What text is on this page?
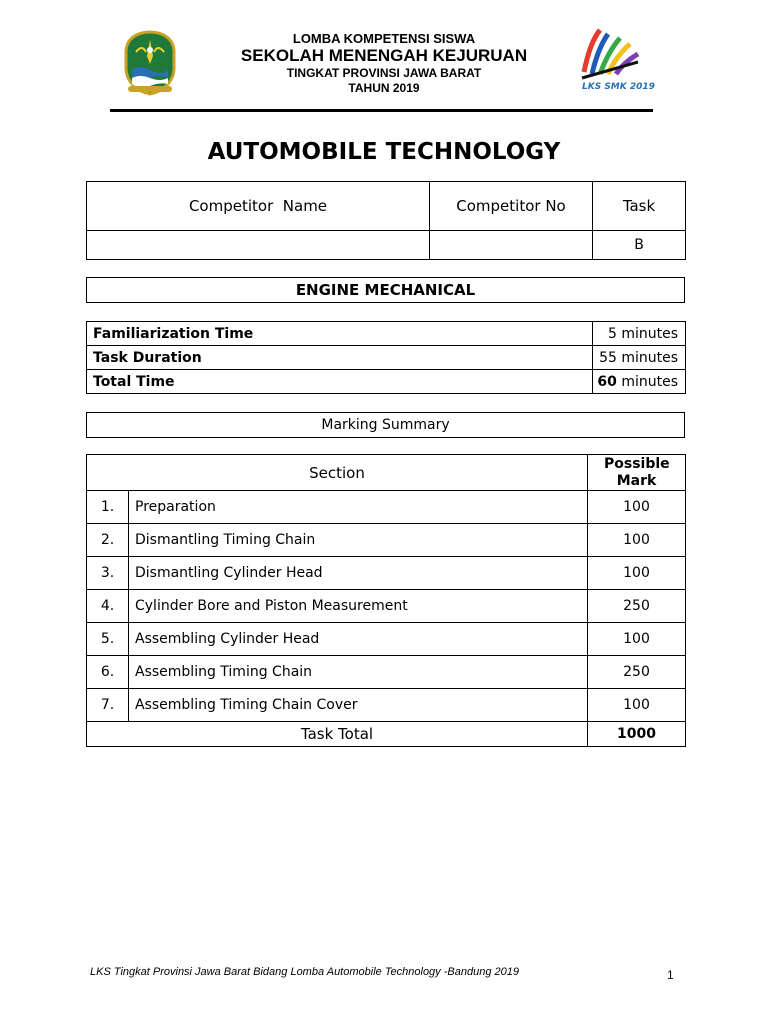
LOMBA KOMPETENSI SISWA
SEKOLAH MENENGAH KEJURUAN
TINGKAT PROVINSI JAWA BARAT
TAHUN 2019	LKS SMK 2019
AUTOMOBILE TECHNOLOGY
Competitor  Name	Competitor No	Task
		B
ENGINE MECHANICAL
Familiarization Time	5 minutes
Task Duration	55 minutes
Total Time	60 minutes
Marking Summary
Section		Possible Mark
1.	Preparation	100
2.	Dismantling Timing Chain	100
3.	Dismantling Cylinder Head	100
4.	Cylinder Bore and Piston Measurement	250
5.	Assembling Cylinder Head	100
6.	Assembling Timing Chain	250
7.	Assembling Timing Chain Cover	100
Task Total		1000
LKS Tingkat Provinsi Jawa Barat Bidang Lomba Automobile Technology -Bandung 2019	1
